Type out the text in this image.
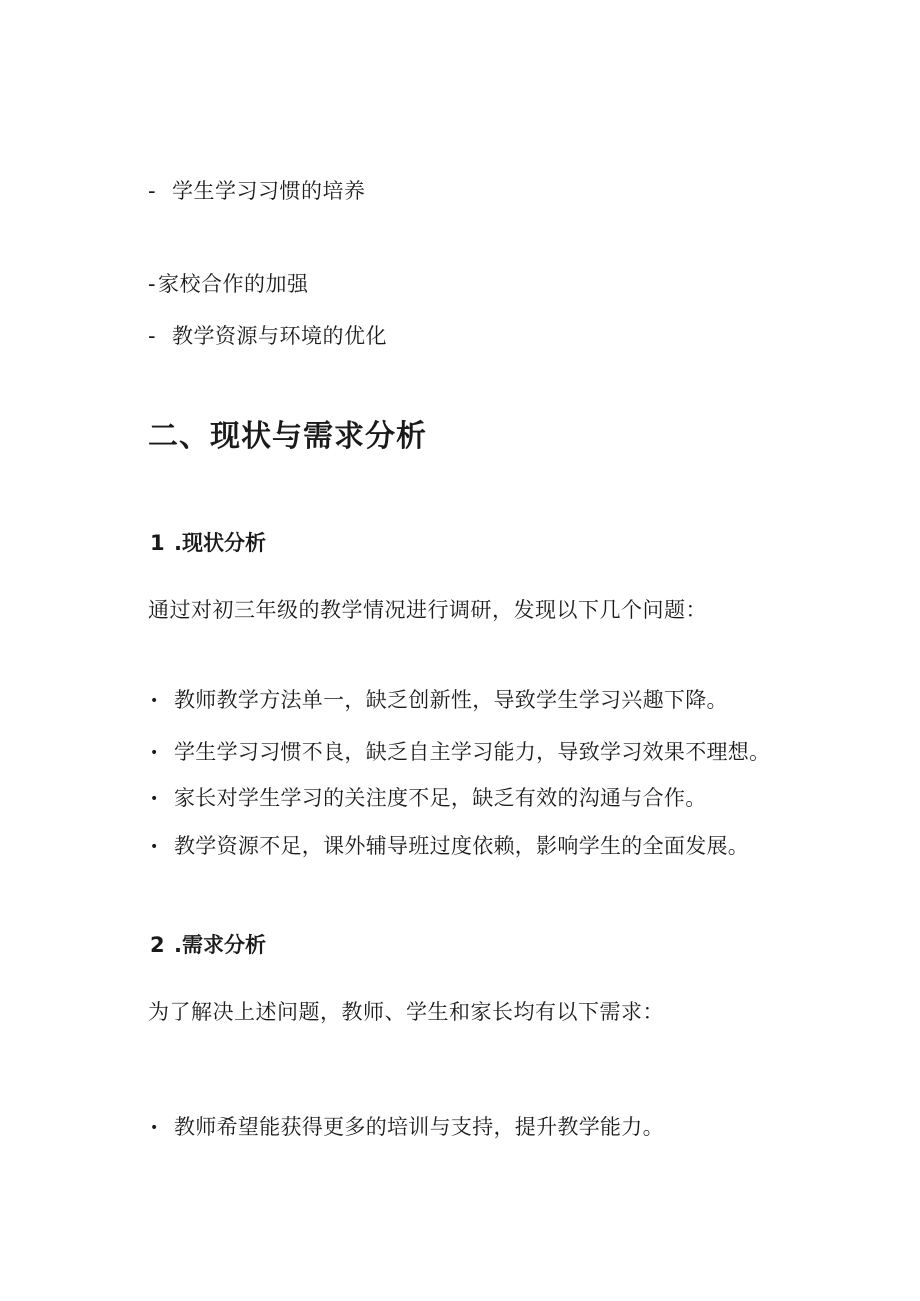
- 学生学习习惯的培养
-家校合作的加强
- 教学资源与环境的优化
二、现状与需求分析
1 .现状分析
通过对初三年级的教学情况进行调研，发现以下几个问题：
• 教师教学方法单一，缺乏创新性，导致学生学习兴趣下降。
• 学生学习习惯不良，缺乏自主学习能力，导致学习效果不理想。
• 家长对学生学习的关注度不足，缺乏有效的沟通与合作。
• 教学资源不足，课外辅导班过度依赖，影响学生的全面发展。
2 .需求分析
为了解决上述问题，教师、学生和家长均有以下需求：
• 教师希望能获得更多的培训与支持，提升教学能力。
